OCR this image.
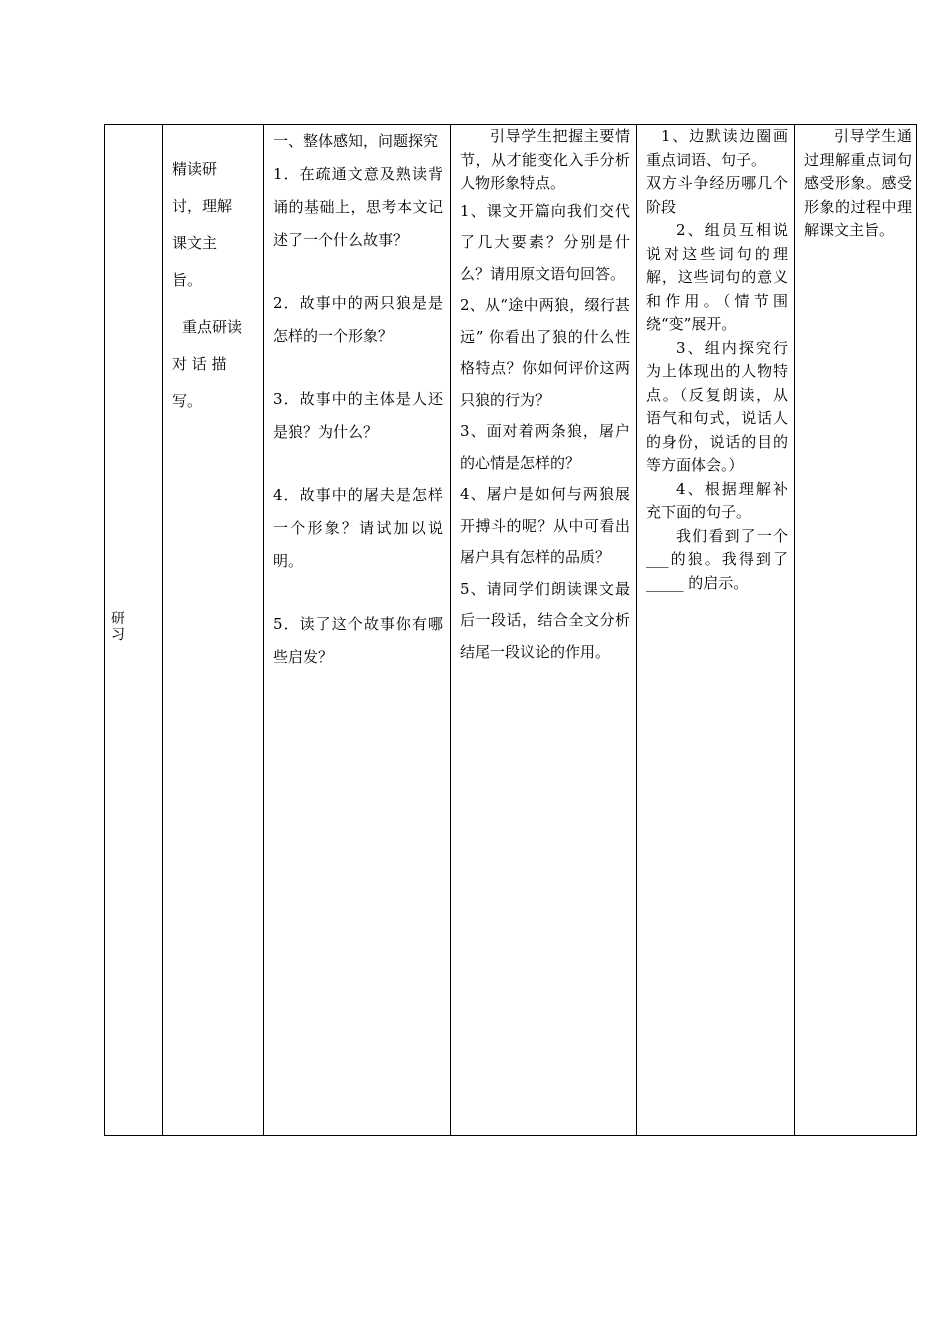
研习
精读研
讨，理解
课文主
旨。
重点研读
对 话 描
写。

一、整体感知，问题探究

1．在疏通文意及熟读背诵的基础上，思考本文记述了一个什么故事？

2．故事中的两只狼是是怎样的一个形象？

3．故事中的主体是人还是狼？为什么？

4．故事中的屠夫是怎样一个形象？请试加以说明。

5．读了这个故事你有哪些启发？

引导学生把握主要情节，从才能变化入手分析人物形象特点。

1、课文开篇向我们交代了几大要素？分别是什么？请用原文语句回答。

2、从“途中两狼，缀行甚远” 你看出了狼的什么性格特点？你如何评价这两只狼的行为？

3、面对着两条狼，屠户的心情是怎样的？

4、屠户是如何与两狼展开搏斗的呢？从中可看出屠户具有怎样的品质？

5、请同学们朗读课文最后一段话，结合全文分析结尾一段议论的作用。

1、边默读边圈画重点词语、句子。

双方斗争经历哪几个阶段

2、组员互相说说对这些词句的理解，这些词句的意义和作用。（情节围绕“变”展开。

3、组内探究行为上体现出的人物特点。（反复朗读，从语气和句式，说话人的身份，说话的目的等方面体会。）

4、根据理解补充下面的句子。

我们看到了一个___的狼。我得到了_____ 的启示。

引导学生通过理解重点词句感受形象。感受形象的过程中理解课文主旨。
